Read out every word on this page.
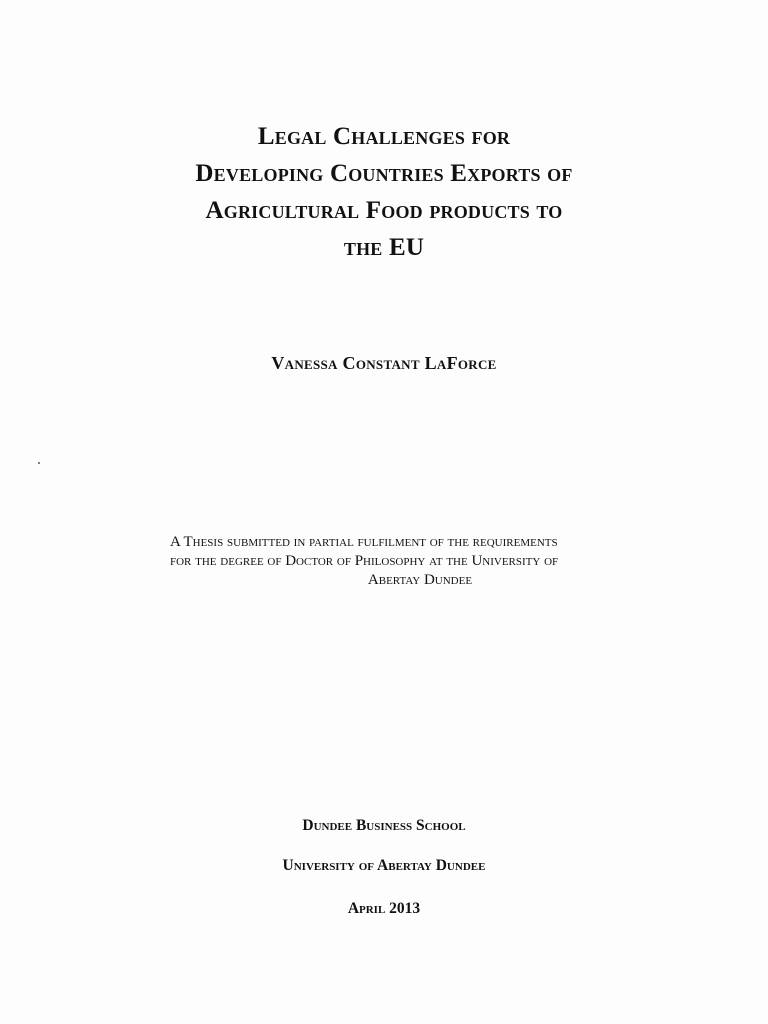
Legal Challenges for
Developing Countries Exports of
Agricultural Food products to
the EU
Vanessa Constant LaForce
A Thesis submitted in partial fulfilment of the requirements
for the degree of Doctor of Philosophy at the University of
Abertay Dundee
Dundee Business School
University of Abertay Dundee
April 2013
